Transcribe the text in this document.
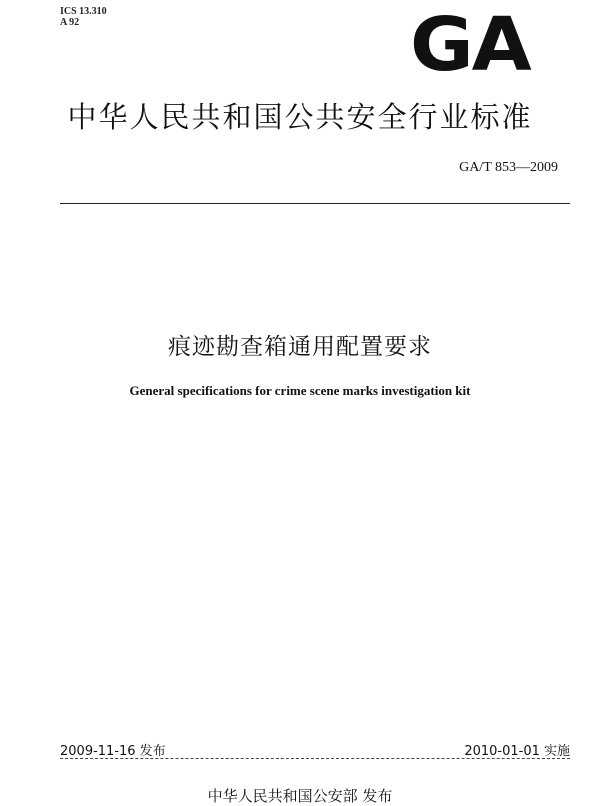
ICS 13.310
A 92	GA
中华人民共和国公共安全行业标准
GA/T 853—2009
痕迹勘查箱通用配置要求
General specifications for crime scene marks investigation kit
2009-11-16 发布	2010-01-01 实施
中华人民共和国公安部 发布
